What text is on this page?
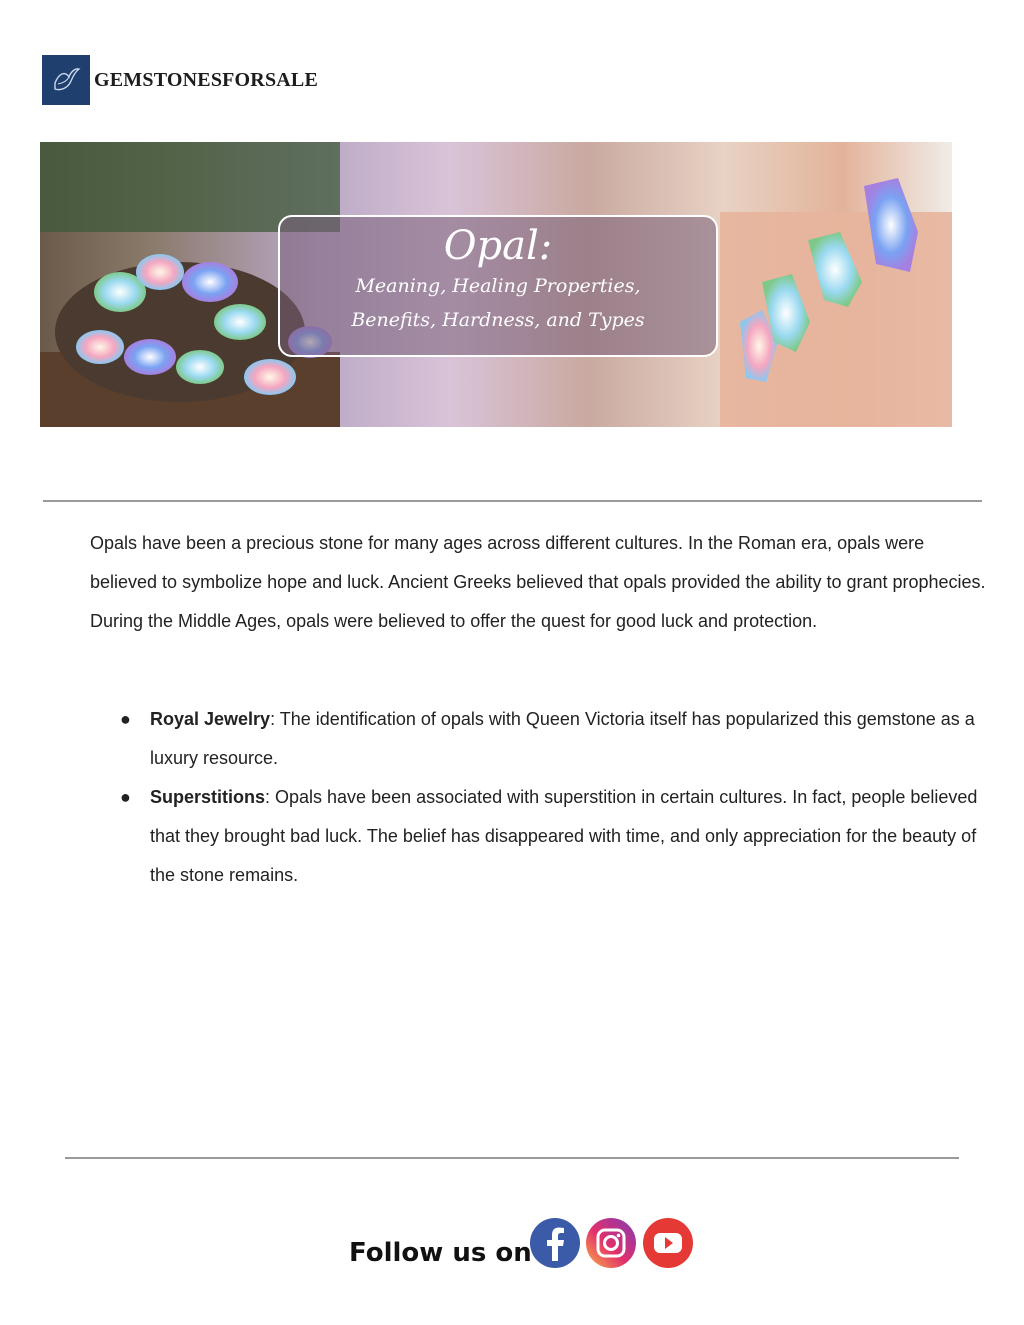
GEMSTONESFORSALE
Opal:
Meaning, Healing Properties,
Benefits, Hardness, and Types

Opals have been a precious stone for many ages across different cultures. In the Roman era, opals were believed to symbolize hope and luck. Ancient Greeks believed that opals provided the ability to grant prophecies. During the Middle Ages, opals were believed to offer the quest for good luck and protection.

● Royal Jewelry: The identification of opals with Queen Victoria itself has popularized this gemstone as a luxury resource.
● Superstitions: Opals have been associated with superstition in certain cultures. In fact, people believed that they brought bad luck. The belief has disappeared with time, and only appreciation for the beauty of the stone remains.
Follow us on
